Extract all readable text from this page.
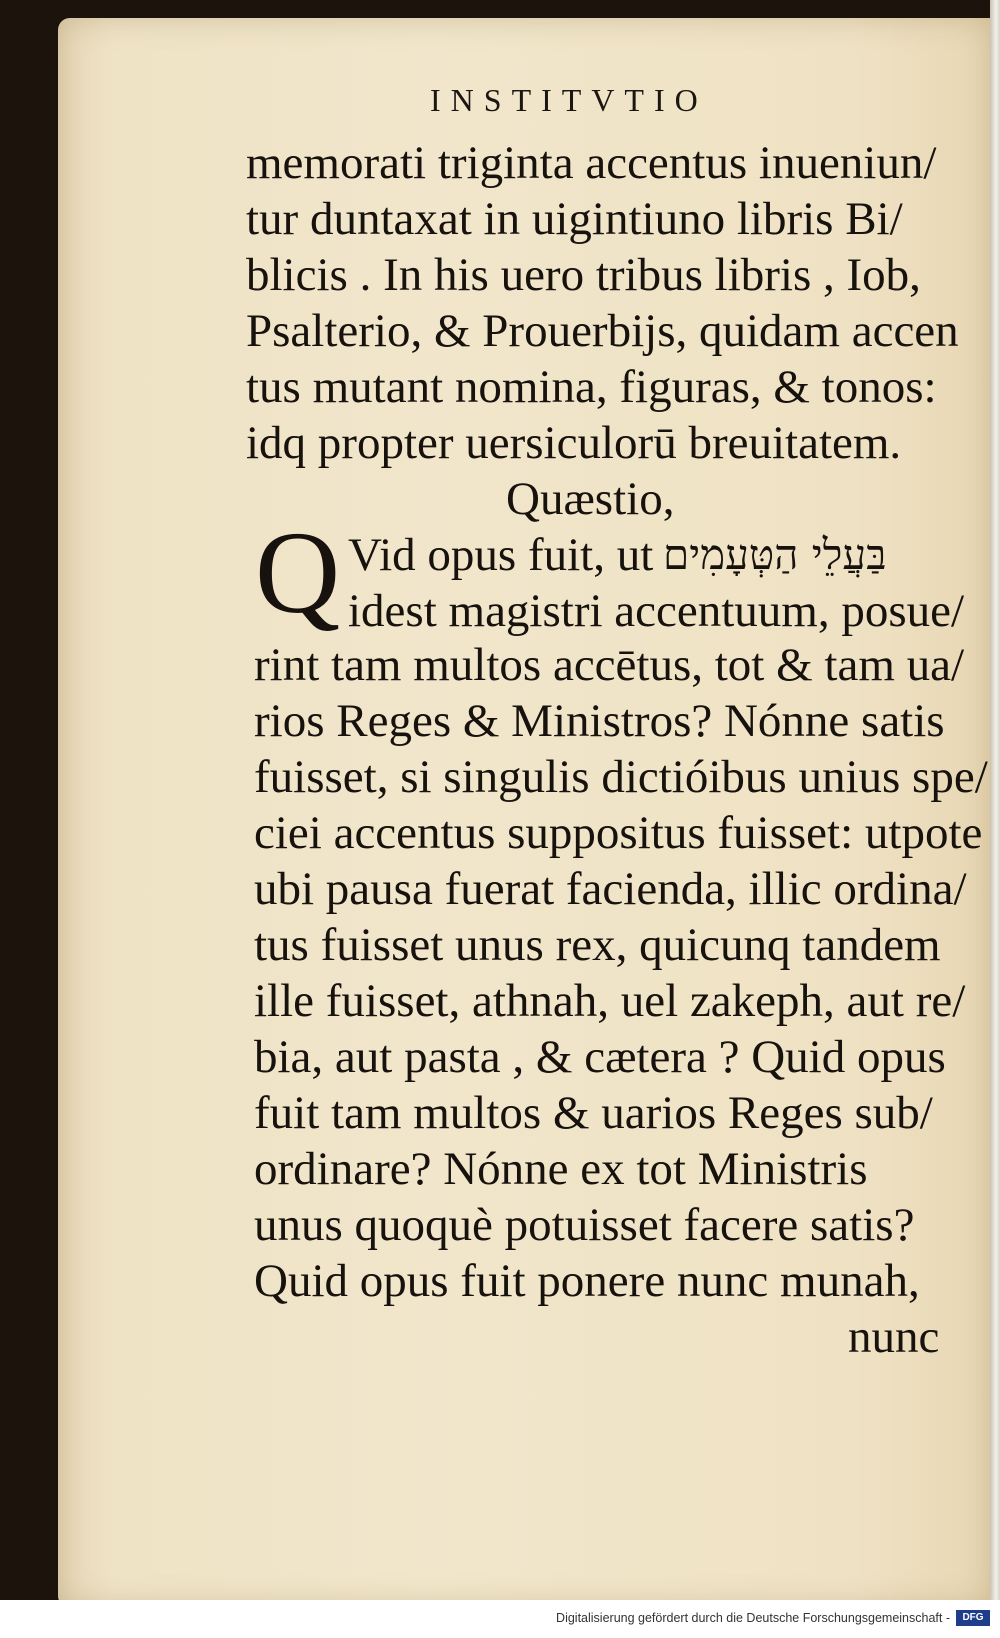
INSTITVTIO

memorati triginta accentus inueniun/

tur duntaxat in uigintiuno libris Bi/

blicis . In his uero tribus libris , Iob,

Psalterio, & Prouerbijs, quidam accen

tus mutant nomina, figuras, & tonos:

idq propter uersiculorū breuitatem.

Quæstio,

Q Vid opus fuit, ut בַּעֲלֵי הַטְּעָמִים

idest magistri accentuum, posue/

rint tam multos accētus, tot & tam ua/

rios Reges & Ministros? Nónne satis

fuisset, si singulis dictióibus unius spe/

ciei accentus suppositus fuisset: utpote

ubi pausa fuerat facienda, illic ordina/

tus fuisset unus rex, quicunq tandem

ille fuisset, athnah, uel zakeph, aut re/

bia, aut pasta , & cætera ? Quid opus

fuit tam multos & uarios Reges sub/

ordinare? Nónne ex tot Ministris

unus quoquè potuisset facere satis?

Quid opus fuit ponere nunc munah,

nunc

Digitalisierung gefördert durch die Deutsche Forschungsgemeinschaft -	DFG
